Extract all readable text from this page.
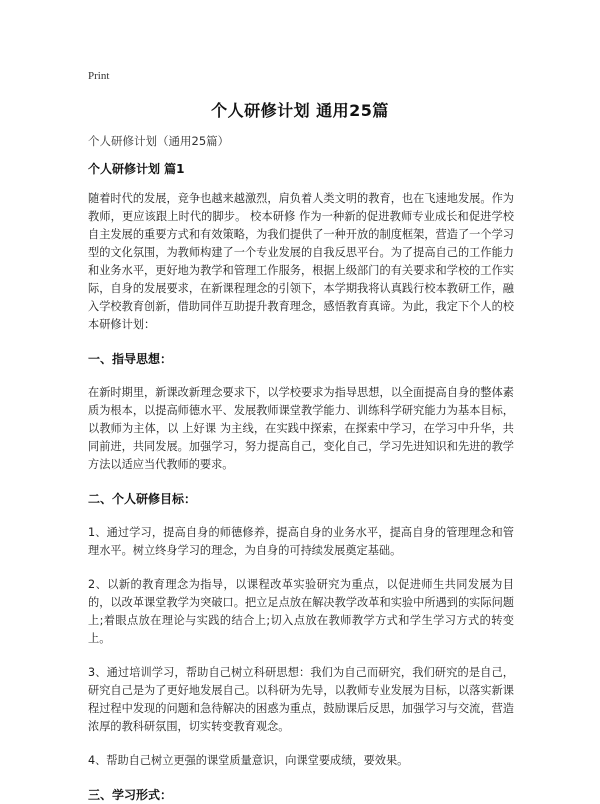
Print
个人研修计划 通用25篇
个人研修计划（通用25篇）

个人研修计划 篇1

随着时代的发展，竞争也越来越激烈，肩负着人类文明的教育，也在飞速地发展。作为教师，更应该跟上时代的脚步。 校本研修 作为一种新的促进教师专业成长和促进学校自主发展的重要方式和有效策略，为我们提供了一种开放的制度框架，营造了一个学习型的文化氛围，为教师构建了一个专业发展的自我反思平台。为了提高自己的工作能力和业务水平，更好地为教学和管理工作服务，根据上级部门的有关要求和学校的工作实际，自身的发展要求，在新课程理念的引领下，本学期我将认真践行校本教研工作，融入学校教育创新，借助同伴互助提升教育理念，感悟教育真谛。为此，我定下个人的校本研修计划：

一、指导思想：

在新时期里，新课改新理念要求下，以学校要求为指导思想，以全面提高自身的整体素质为根本，以提高师德水平、发展教师课堂教学能力、训练科学研究能力为基本目标，以教师为主体，以 上好课 为主线，在实践中探索，在探索中学习，在学习中升华，共同前进，共同发展。加强学习，努力提高自己，变化自己，学习先进知识和先进的教学方法以适应当代教师的要求。

二、个人研修目标：

1、通过学习，提高自身的师德修养，提高自身的业务水平，提高自身的管理理念和管理水平。树立终身学习的理念，为自身的可持续发展奠定基础。

2、以新的教育理念为指导，以课程改革实验研究为重点，以促进师生共同发展为目的，以改革课堂教学为突破口。把立足点放在解决教学改革和实验中所遇到的实际问题上;着眼点放在理论与实践的结合上;切入点放在教师教学方式和学生学习方式的转变上。

3、通过培训学习，帮助自己树立科研思想：我们为自己而研究，我们研究的是自己，研究自己是为了更好地发展自己。以科研为先导，以教师专业发展为目标，以落实新课程过程中发现的问题和急待解决的困惑为重点，鼓励课后反思，加强学习与交流，营造浓厚的教科研氛围，切实转变教育观念。

4、帮助自己树立更强的课堂质量意识，向课堂要成绩，要效果。

三、学习形式：
